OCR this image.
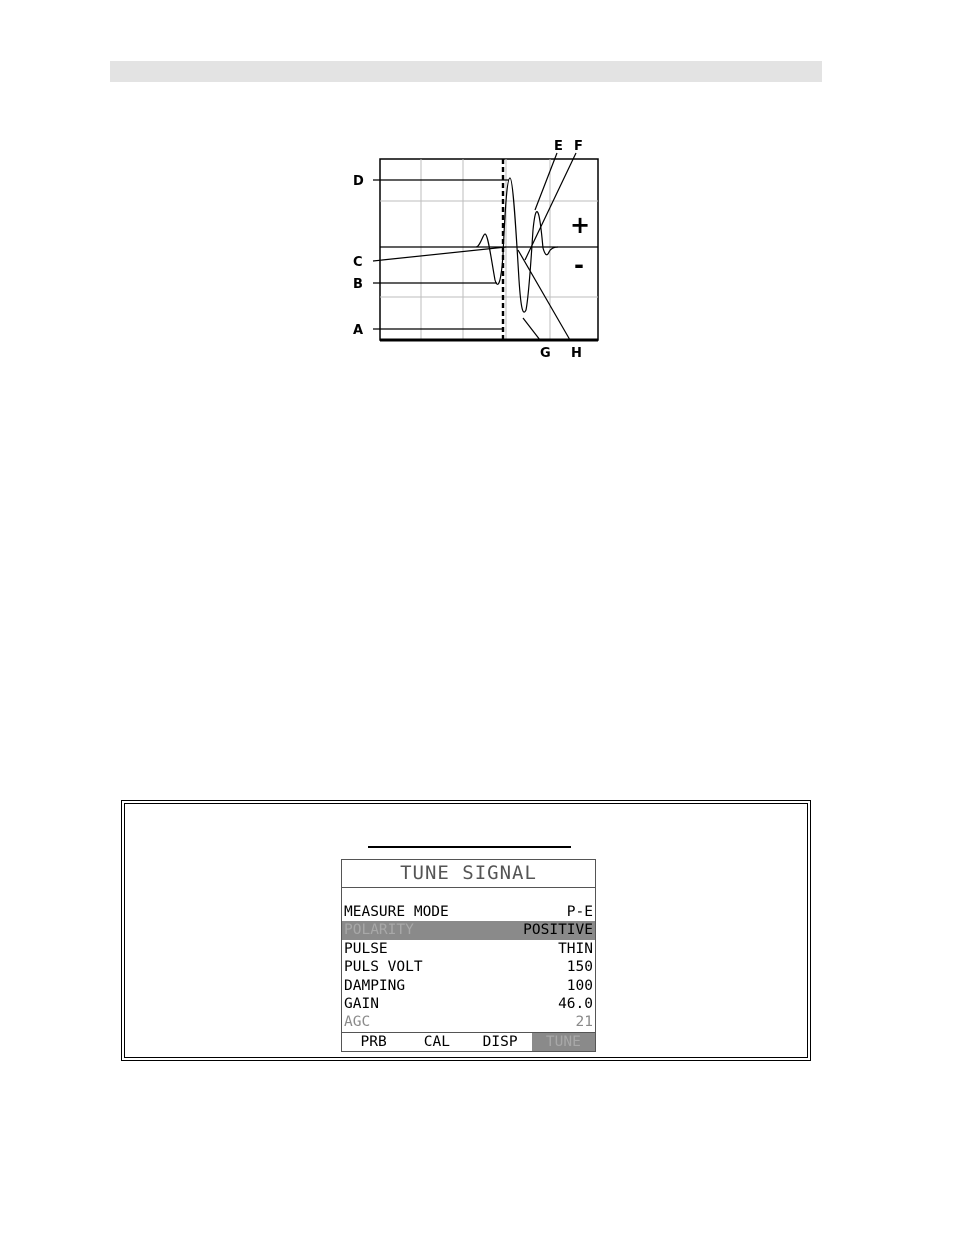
D
C
B
A
E F
G H
+
-
TUNE SIGNAL
MEASURE MODE	P-E
POLARITY	POSITIVE
PULSE	THIN
PULS VOLT	150
DAMPING	100
GAIN	46.0
AGC	21
PRB	CAL	DISP	TUNE
